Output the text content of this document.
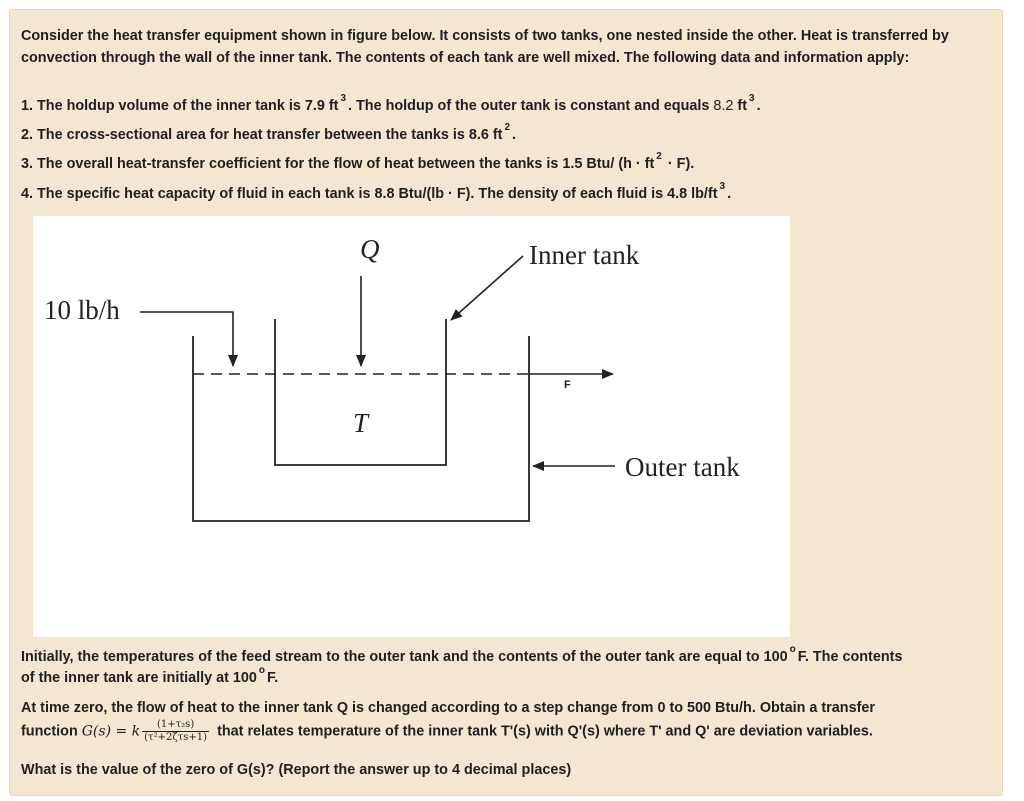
Consider the heat transfer equipment shown in figure below. It consists of two tanks, one nested inside the other. Heat is transferred by convection through the wall of the inner tank. The contents of each tank are well mixed. The following data and information apply:
1. The holdup volume of the inner tank is 7.9 ft $^3$ . The holdup of the outer tank is constant and equals 8.2 ft $^3$ .
2. The cross-sectional area for heat transfer between the tanks is 8.6 ft $^2$ .
3. The overall heat-transfer coefficient for the flow of heat between the tanks is 1.5 Btu/ (h · ft $^2$ · F).
4. The specific heat capacity of fluid in each tank is 8.8 Btu/(lb · F). The density of each fluid is 4.8 lb/ft $^3$ .
Q	Inner tank
10 lb/h
F
T
Outer tank
Initially, the temperatures of the feed stream to the outer tank and the contents of the outer tank are equal to 100 $^o$ F. The contents
of the inner tank are initially at 100 $^o$ F.
At time zero, the flow of heat to the inner tank Q is changed according to a step change from 0 to 500 Btu/h. Obtain a transfer
function G(s) = k $\frac{\text{(1+τ₂s)}}{\text{(τ²+2ζτs+1)}}$ that relates temperature of the inner tank T'(s) with Q'(s) where T' and Q' are deviation variables.
What is the value of the zero of G(s)? (Report the answer up to 4 decimal places)
